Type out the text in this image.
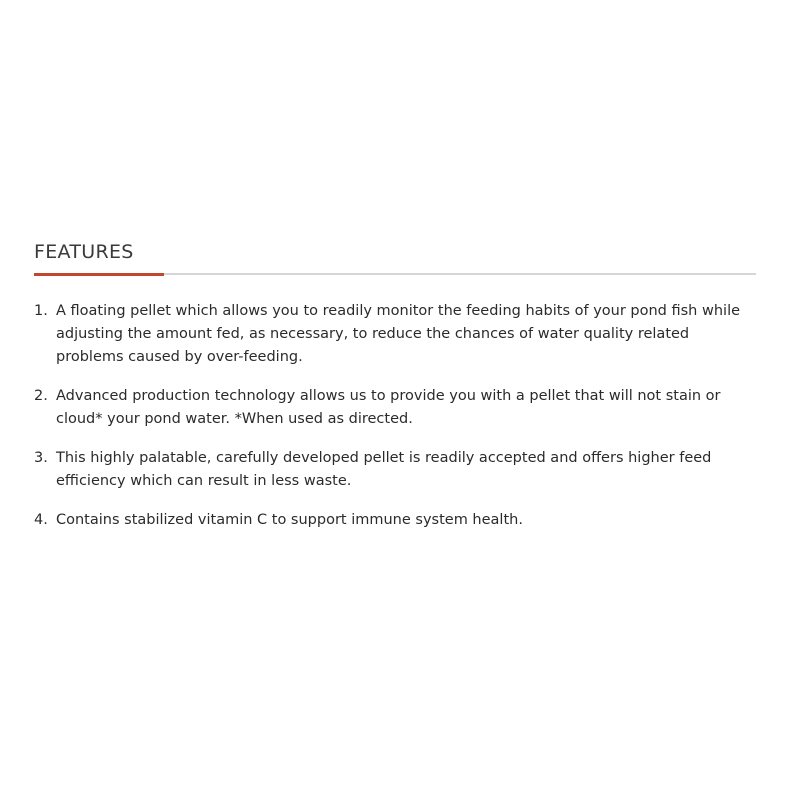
FEATURES
1. A floating pellet which allows you to readily monitor the feeding habits of your pond fish while adjusting the amount fed, as necessary, to reduce the chances of water quality related problems caused by over-feeding.
2. Advanced production technology allows us to provide you with a pellet that will not stain or cloud* your pond water. *When used as directed.
3. This highly palatable, carefully developed pellet is readily accepted and offers higher feed efficiency which can result in less waste.
4. Contains stabilized vitamin C to support immune system health.
